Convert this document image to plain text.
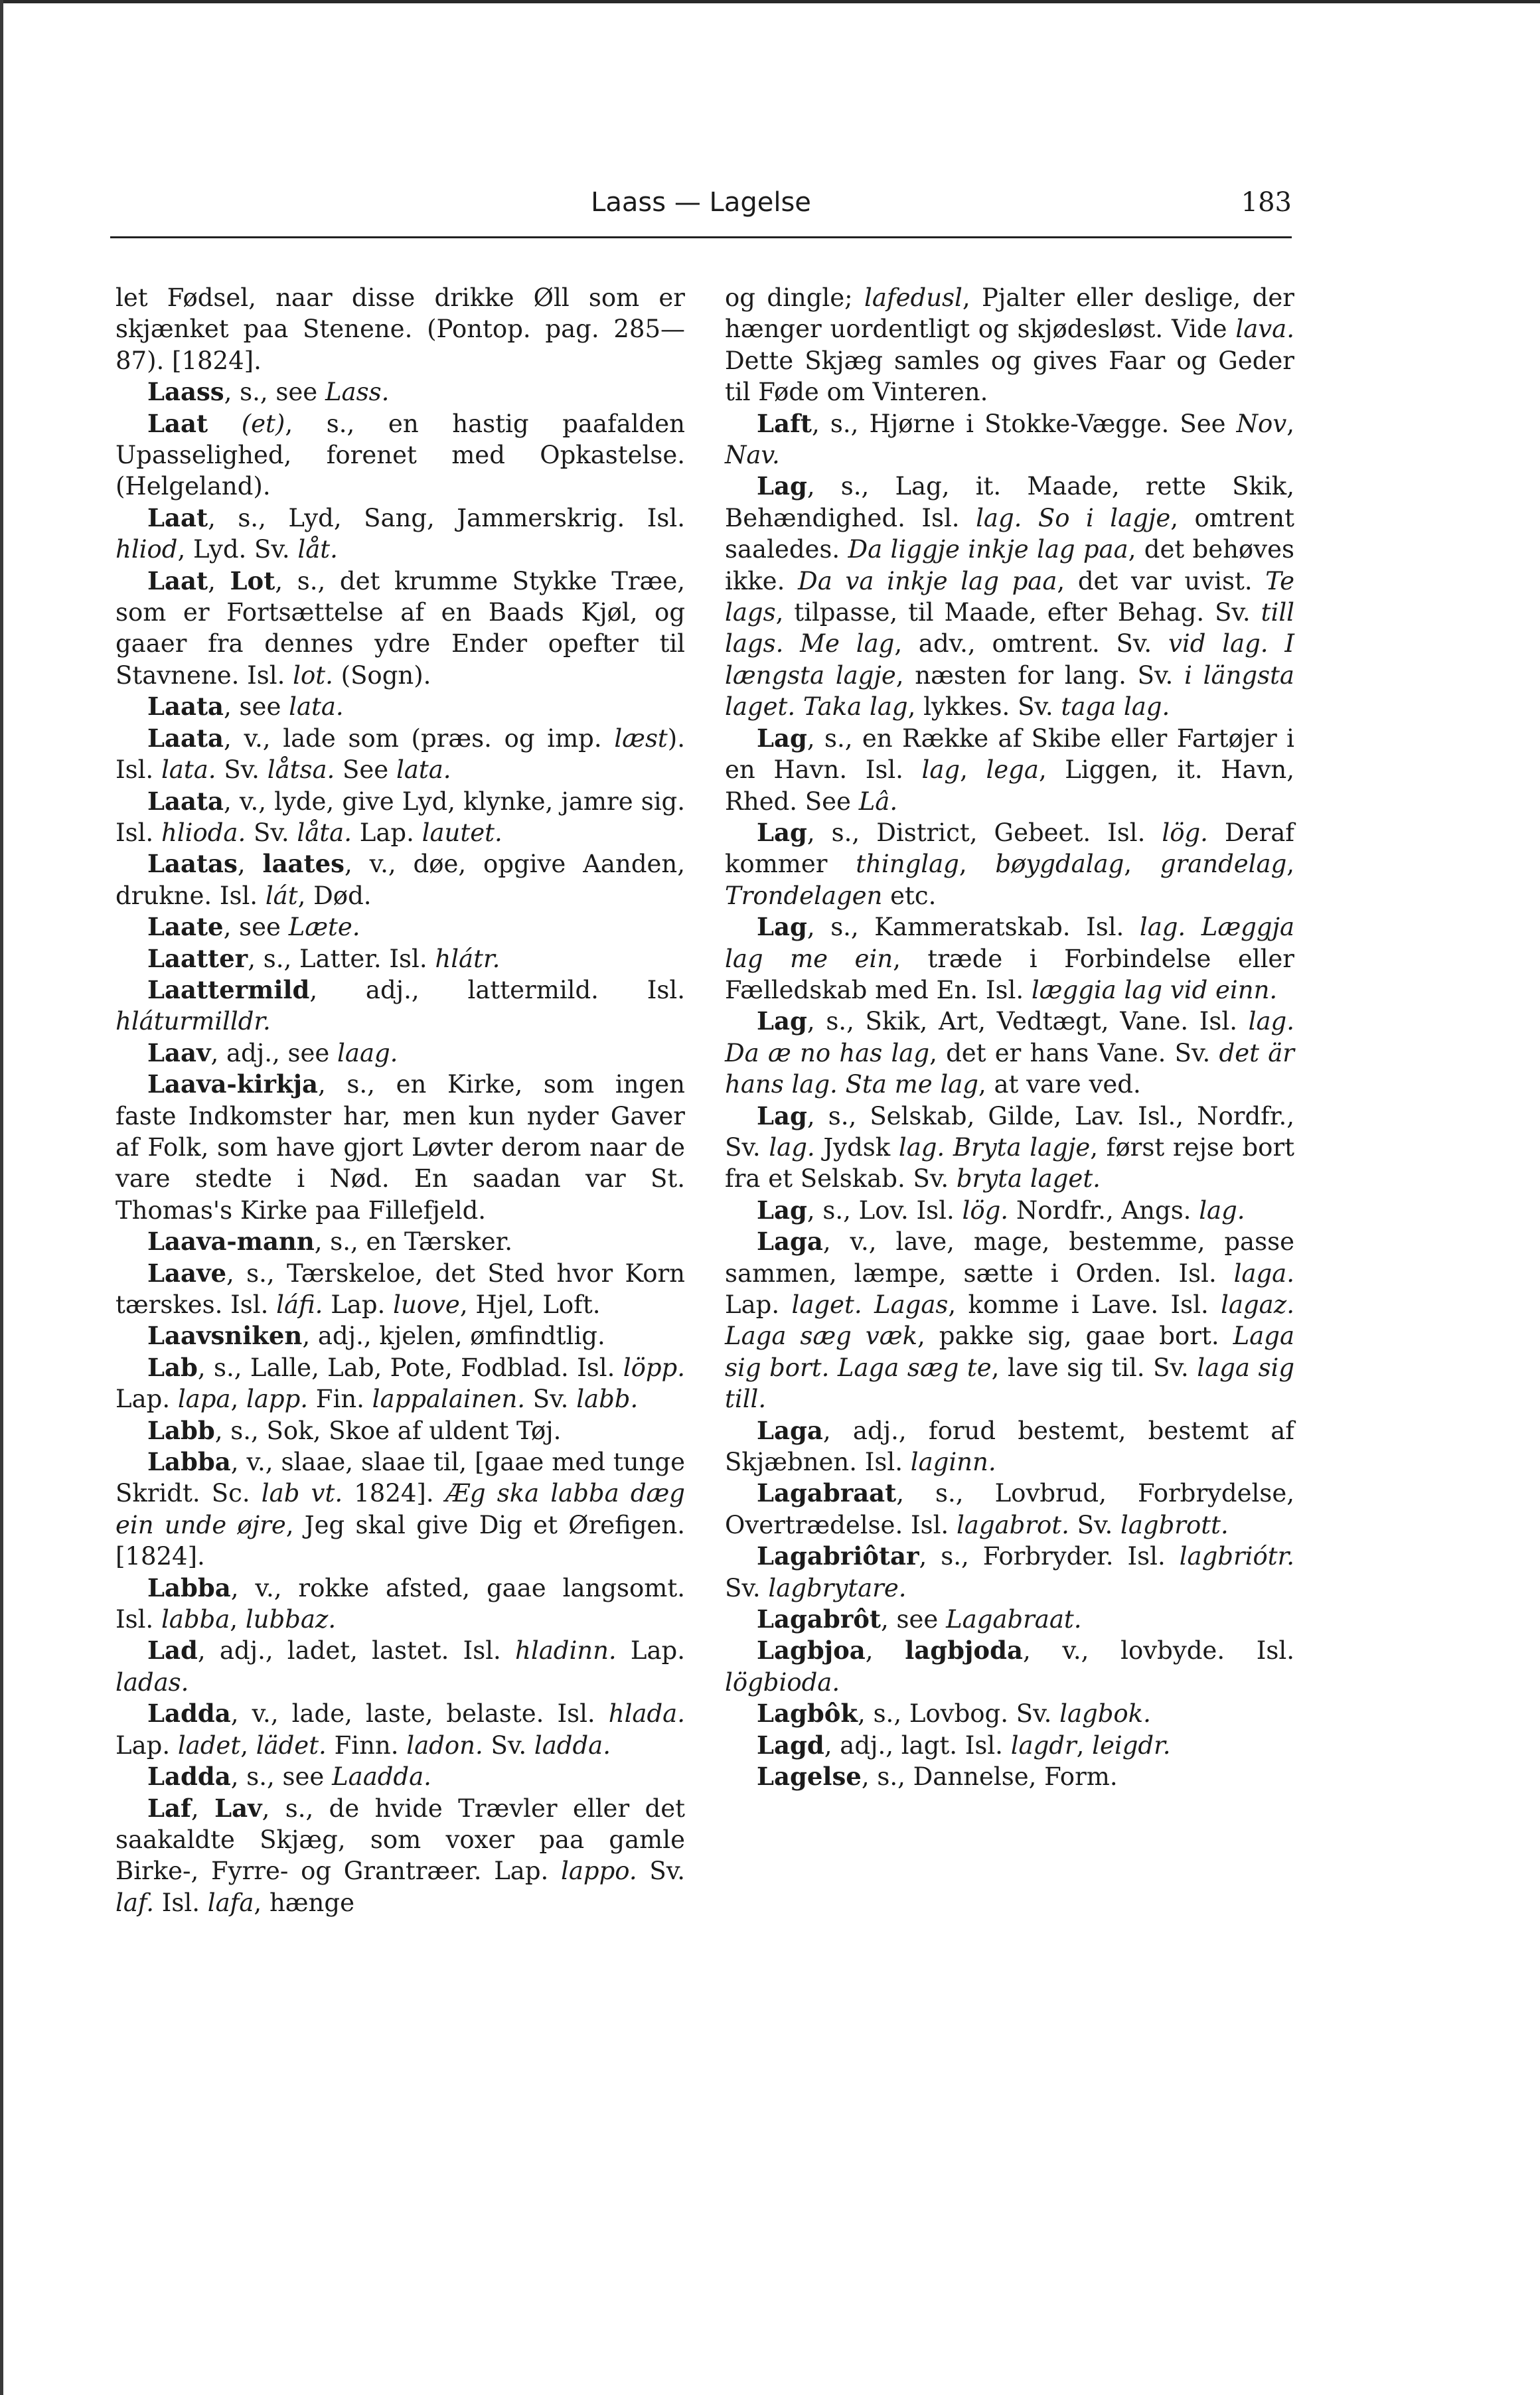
Laass — Lagelse	183

let Fødsel, naar disse drikke Øll som er skjænket paa Stenene. (Pontop. pag. 285—87). [1824].

Laass, s., see Lass.

Laat (et), s., en hastig paafalden Upasselighed, forenet med Opkastelse. (Helgeland).

Laat, s., Lyd, Sang, Jammerskrig. Isl. hliod, Lyd. Sv. låt.

Laat, Lot, s., det krumme Stykke Træe, som er Fortsættelse af en Baads Kjøl, og gaaer fra dennes ydre Ender opefter til Stavnene. Isl. lot. (Sogn).

Laata, see lata.

Laata, v., lade som (præs. og imp. læst). Isl. lata. Sv. låtsa. See lata.

Laata, v., lyde, give Lyd, klynke, jamre sig. Isl. hlioda. Sv. låta. Lap. lautet.

Laatas, laates, v., døe, opgive Aanden, drukne. Isl. lát, Død.

Laate, see Læte.

Laatter, s., Latter. Isl. hlátr.

Laattermild, adj., lattermild. Isl. hláturmilldr.

Laav, adj., see laag.

Laava-kirkja, s., en Kirke, som ingen faste Indkomster har, men kun nyder Gaver af Folk, som have gjort Løvter derom naar de vare stedte i Nød. En saadan var St. Thomas's Kirke paa Fillefjeld.

Laava-mann, s., en Tærsker.

Laave, s., Tærskeloe, det Sted hvor Korn tærskes. Isl. láfi. Lap. luove, Hjel, Loft.

Laavsniken, adj., kjelen, ømfindtlig.

Lab, s., Lalle, Lab, Pote, Fodblad. Isl. löpp. Lap. lapa, lapp. Fin. lappalainen. Sv. labb.

Labb, s., Sok, Skoe af uldent Tøj.

Labba, v., slaae, slaae til, [gaae med tunge Skridt. Sc. lab vt. 1824]. Æg ska labba dæg ein unde øjre, Jeg skal give Dig et Ørefigen. [1824].

Labba, v., rokke afsted, gaae langsomt. Isl. labba, lubbaz.

Lad, adj., ladet, lastet. Isl. hladinn. Lap. ladas.

Ladda, v., lade, laste, belaste. Isl. hlada. Lap. ladet, lädet. Finn. ladon. Sv. ladda.

Ladda, s., see Laadda.

Laf, Lav, s., de hvide Trævler eller det saakaldte Skjæg, som voxer paa gamle Birke-, Fyrre- og Grantræer. Lap. lappo. Sv. laf. Isl. lafa, hænge

og dingle; lafedusl, Pjalter eller deslige, der hænger uordentligt og skjødesløst. Vide lava. Dette Skjæg samles og gives Faar og Geder til Føde om Vinteren.

Laft, s., Hjørne i Stokke-Vægge. See Nov, Nav.

Lag, s., Lag, it. Maade, rette Skik, Behændighed. Isl. lag. So i lagje, omtrent saaledes. Da liggje inkje lag paa, det behøves ikke. Da va inkje lag paa, det var uvist. Te lags, tilpasse, til Maade, efter Behag. Sv. till lags. Me lag, adv., omtrent. Sv. vid lag. I længsta lagje, næsten for lang. Sv. i längsta laget. Taka lag, lykkes. Sv. taga lag.

Lag, s., en Række af Skibe eller Fartøjer i en Havn. Isl. lag, lega, Liggen, it. Havn, Rhed. See Lâ.

Lag, s., District, Gebeet. Isl. lög. Deraf kommer thinglag, bøygdalag, grandelag, Trondelagen etc.

Lag, s., Kammeratskab. Isl. lag. Læggja lag me ein, træde i Forbindelse eller Fælledskab med En. Isl. læggia lag vid einn.

Lag, s., Skik, Art, Vedtægt, Vane. Isl. lag. Da æ no has lag, det er hans Vane. Sv. det är hans lag. Sta me lag, at vare ved.

Lag, s., Selskab, Gilde, Lav. Isl., Nordfr., Sv. lag. Jydsk lag. Bryta lagje, først rejse bort fra et Selskab. Sv. bryta laget.

Lag, s., Lov. Isl. lög. Nordfr., Angs. lag.

Laga, v., lave, mage, bestemme, passe sammen, læmpe, sætte i Orden. Isl. laga. Lap. laget. Lagas, komme i Lave. Isl. lagaz. Laga sæg væk, pakke sig, gaae bort. Laga sig bort. Laga sæg te, lave sig til. Sv. laga sig till.

Laga, adj., forud bestemt, bestemt af Skjæbnen. Isl. laginn.

Lagabraat, s., Lovbrud, Forbrydelse, Overtrædelse. Isl. lagabrot. Sv. lagbrott.

Lagabriôtar, s., Forbryder. Isl. lagbriótr. Sv. lagbrytare.

Lagabrôt, see Lagabraat.

Lagbjoa, lagbjoda, v., lovbyde. Isl. lögbioda.

Lagbôk, s., Lovbog. Sv. lagbok.

Lagd, adj., lagt. Isl. lagdr, leigdr.

Lagelse, s., Dannelse, Form.
